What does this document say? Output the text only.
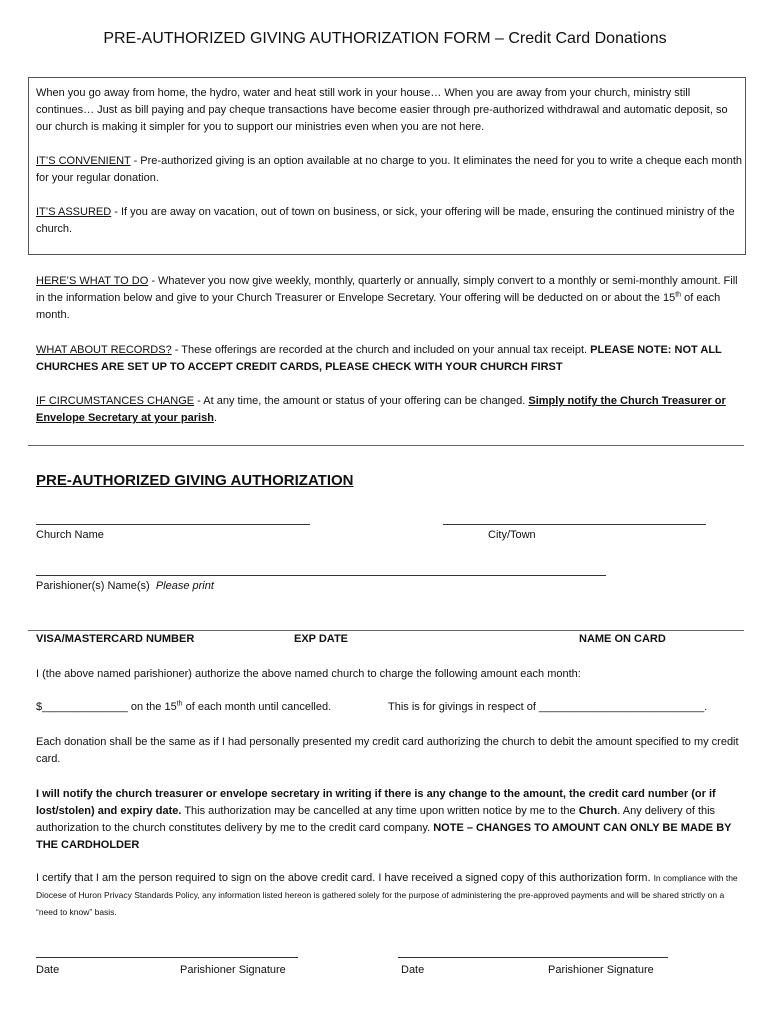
PRE-AUTHORIZED GIVING AUTHORIZATION FORM – Credit Card Donations
When you go away from home, the hydro, water and heat still work in your house… When you are away from your church, ministry still continues… Just as bill paying and pay cheque transactions have become easier through pre-authorized withdrawal and automatic deposit, so our church is making it simpler for you to support our ministries even when you are not here.
IT’S CONVENIENT - Pre-authorized giving is an option available at no charge to you. It eliminates the need for you to write a cheque each month for your regular donation.
IT’S ASSURED - If you are away on vacation, out of town on business, or sick, your offering will be made, ensuring the continued ministry of the church.
HERE’S WHAT TO DO - Whatever you now give weekly, monthly, quarterly or annually, simply convert to a monthly or semi-monthly amount. Fill in the information below and give to your Church Treasurer or Envelope Secretary. Your offering will be deducted on or about the 15th of each month.
WHAT ABOUT RECORDS? - These offerings are recorded at the church and included on your annual tax receipt. PLEASE NOTE: NOT ALL CHURCHES ARE SET UP TO ACCEPT CREDIT CARDS, PLEASE CHECK WITH YOUR CHURCH FIRST
IF CIRCUMSTANCES CHANGE - At any time, the amount or status of your offering can be changed. Simply notify the Church Treasurer or Envelope Secretary at your parish.
PRE-AUTHORIZED GIVING AUTHORIZATION
Church Name	City/Town
Parishioner(s) Name(s) Please print
VISA/MASTERCARD NUMBER	EXP DATE	NAME ON CARD
I (the above named parishioner) authorize the above named church to charge the following amount each month:
$______________ on the 15th of each month until cancelled.	This is for givings in respect of ___________________________.
Each donation shall be the same as if I had personally presented my credit card authorizing the church to debit the amount specified to my credit card.
I will notify the church treasurer or envelope secretary in writing if there is any change to the amount, the credit card number (or if lost/stolen) and expiry date. This authorization may be cancelled at any time upon written notice by me to the Church. Any delivery of this authorization to the church constitutes delivery by me to the credit card company. NOTE – CHANGES TO AMOUNT CAN ONLY BE MADE BY THE CARDHOLDER
I certify that I am the person required to sign on the above credit card. I have received a signed copy of this authorization form. In compliance with the Diocese of Huron Privacy Standards Policy, any information listed hereon is gathered solely for the purpose of administering the pre-approved payments and will be shared strictly on a “need to know” basis.
Date	Parishioner Signature	Date	Parishioner Signature
